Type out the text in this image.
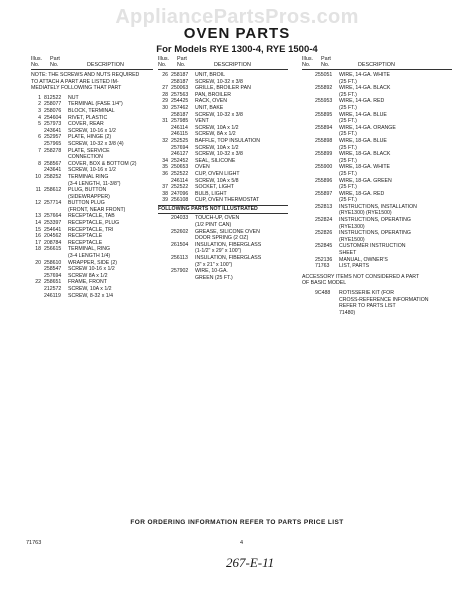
AppliancePartsPros.com
OVEN PARTS
For Models RYE 1300-4, RYE 1500-4
Illus.	Part
No.	No.	DESCRIPTION
NOTE: THE SCREWS AND NUTS REQUIRED
TO ATTACH A PART ARE LISTED IM-
MEDIATELY FOLLOWING THAT PART
1 812522	NUT
2 258077	TERMINAL (FASE 1/4")
3 258076	BLOCK, TERMINAL
4 254604	RIVET, PLASTIC
5 257973	COVER, REAR
243641	SCREW, 10-16 x 1/2
6 252957	PLATE, HINGE (2)
257965	SCREW, 10-32 x 3/8 (4)
7 258278	PLATE, SERVICE
CONNECTION
8 258567	COVER, BOX & BOTTOM (2)
243641	SCREW, 10-16 x 1/2
10 258252	TERMINAL RING
(3-4 LENGTH, 11-3/8")
11 258612	PLUG, BUTTON
(SIDEWRAPPER)
12 257714	BUTTON PLUG
(FRONT, NEAR FRONT)
13 257664	RECEPTACLE, TAB
14 253397	RECEPTACLE, PLUG
15 254641	RECEPTACLE, TRI
16 204562	RECEPTACLE
17 208784	RECEPTACLE
18 256615	TERMINAL, RING
(3-4 LENGTH 1/4)
20 258610	WRAPPER, SIDE (2)
258547	SCREW 10-16 x 1/2
257694	SCREW 8A x 1/2
22 258651	FRAME, FRONT
212572	SCREW, 10A x 1/2
246119	SCREW, 8-32 x 1/4
Illus.	Part
No.	No.	DESCRIPTION
26 258187	UNIT, BROIL
258187	SCREW, 10-32 x 3/8
27 250063	GRILLE, BROILER PAN
28 257563	PAN, BROILER
29 254425	RACK, OVEN
30 257462	UNIT, BAKE
258187	SCREW, 10-32 x 3/8
31 257985	VENT
246114	SCREW, 10A x 1/2
246115	SCREW, 8A x 1/2
32 252525	BAFFLE, TOP INSULATION
257694	SCREW, 10A x 1/2
246127	SCREW, 10-32 x 3/8
34 252452	SEAL, SILICONE
35 250653	OVEN
36 252522	CUP, OVEN LIGHT
246114	SCREW, 10A x 5/8
37 252522	SOCKET, LIGHT
38 247096	BULB, LIGHT
39 256108	CUP, OVEN THERMOSTAT
FOLLOWING PARTS NOT ILLUSTRATED
204033	TOUCH-UP, OVEN
(1/2 PINT CAN)
252602	GREASE, SILICONE OVEN
DOOR SPRING (2 OZ)
261504	INSULATION, FIBERGLASS
(1-1/2" x 29" x 100")
256113	INSULATION, FIBERGLASS
(3" x 21" x 100")
257902	WIRE, 10-GA.
GREEN (25 FT.)
Illus.	Part
No.	No.	DESCRIPTION
255051	WIRE, 14-GA. WHITE
(25 FT.)
255892	WIRE, 14-GA. BLACK
(25 FT.)
255953	WIRE, 14-GA. RED
(25 FT.)
255895	WIRE, 14-GA. BLUE
(25 FT.)
255894	WIRE, 14-GA. ORANGE
(25 FT.)
255898	WIRE, 18-GA. BLUE
(25 FT.)
255899	WIRE, 18-GA. BLACK
(25 FT.)
255900	WIRE, 18-GA. WHITE
(25 FT.)
255896	WIRE, 18-GA. GREEN
(25 FT.)
255897	WIRE, 18-GA. RED
(25 FT.)
252813	INSTRUCTIONS, INSTALLATION
(RYE1300) (RYE1500)
252824	INSTRUCTIONS, OPERATING
(RYE1300)
252826	INSTRUCTIONS, OPERATING
(RYE1500)
252845	CUSTOMER INSTRUCTION
SHEET
252136	MANUAL, OWNER'S
71763	LIST, PARTS
ACCESSORY ITEMS NOT CONSIDERED A PART
OF BASIC MODEL
9C488	ROTISSERIE KIT (FOR
CROSS-REFERENCE INFORMATION
REFER TO PARTS LIST
71480)
FOR ORDERING INFORMATION REFER TO PARTS PRICE LIST
71763	4
267-E-11
